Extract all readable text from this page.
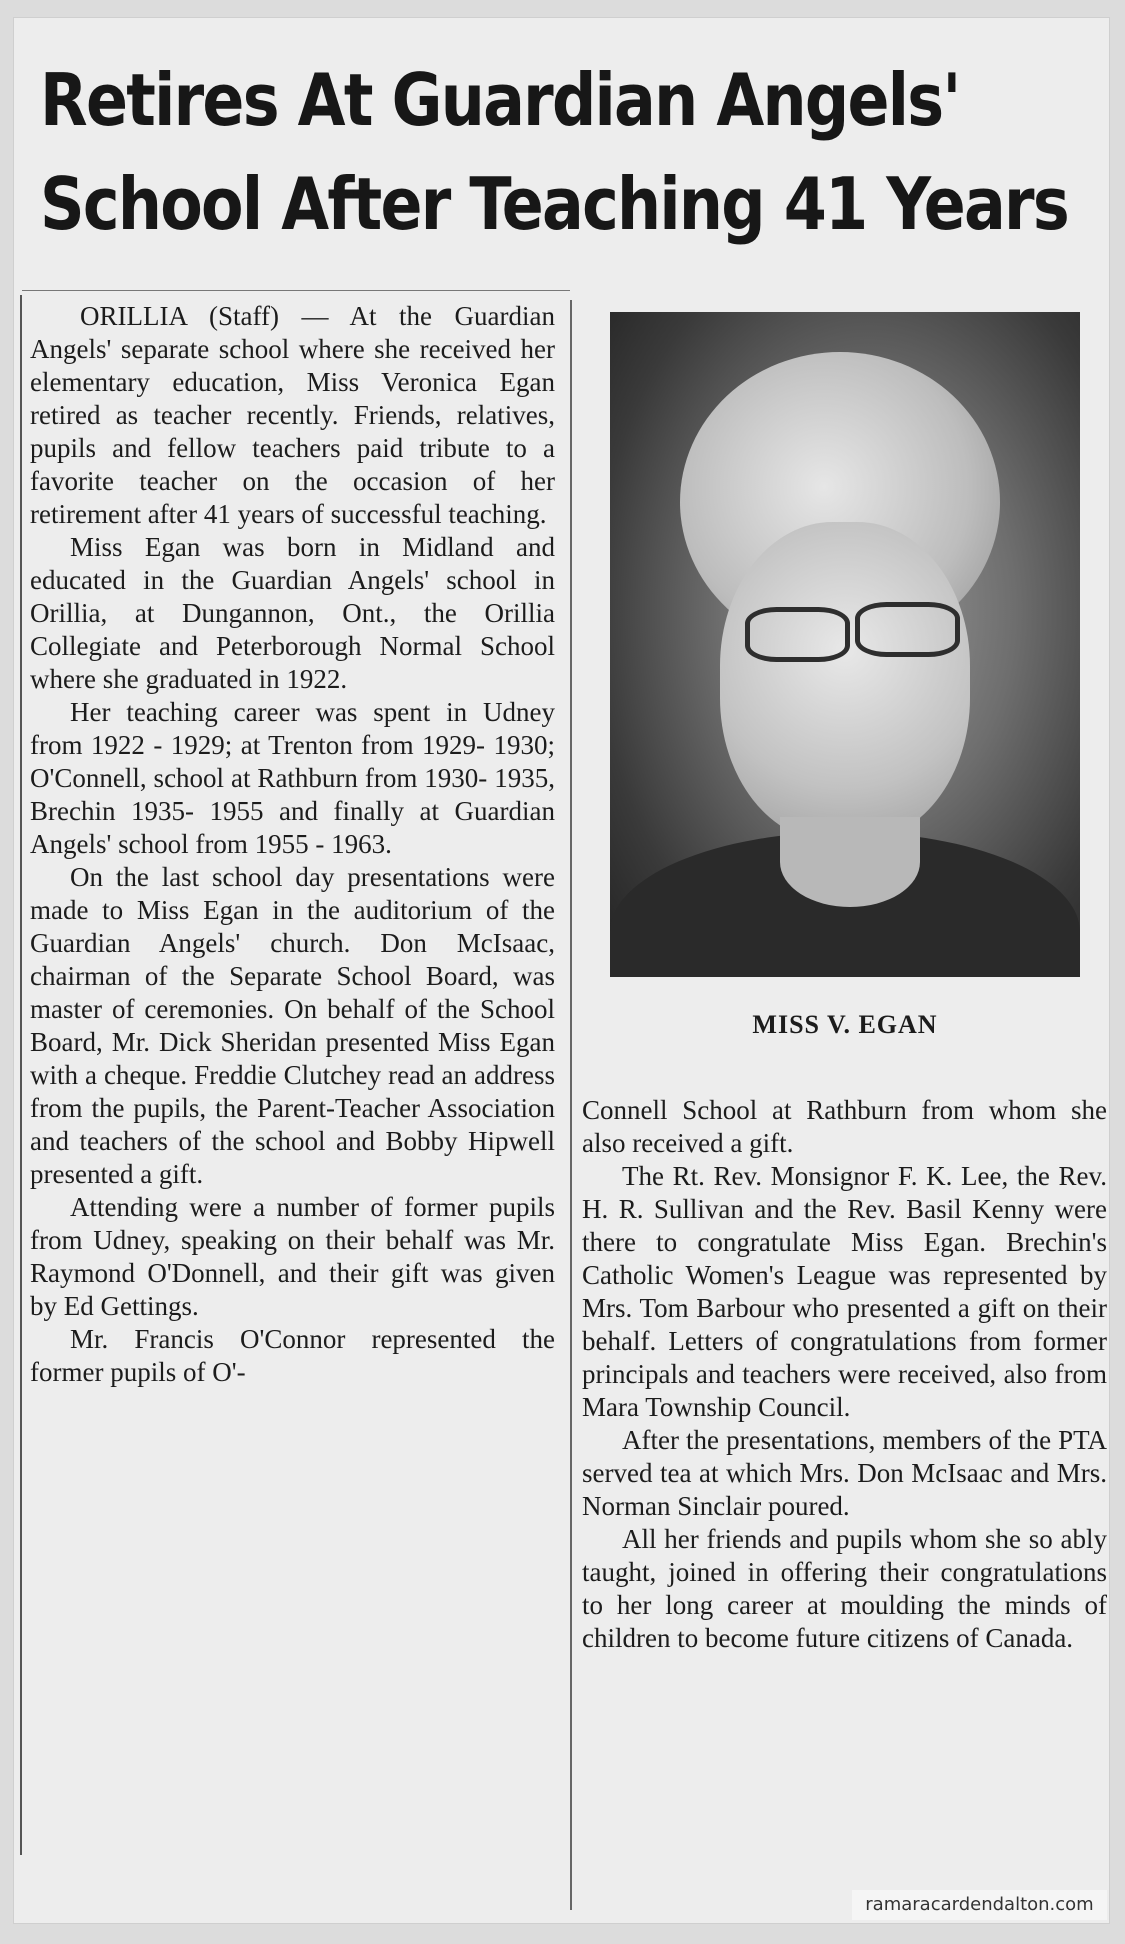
Retires At Guardian Angels'
School After Teaching 41 Years

ORILLIA (Staff) — At the Guardian Angels' separate school where she received her elementary education, Miss Veronica Egan retired as teacher recently. Friends, relatives, pupils and fellow teachers paid tribute to a favorite teacher on the occasion of her retirement after 41 years of successful teaching.

Miss Egan was born in Midland and educated in the Guardian Angels' school in Orillia, at Dungannon, Ont., the Orillia Collegiate and Peterborough Normal School where she graduated in 1922.

Her teaching career was spent in Udney from 1922 - 1929; at Trenton from 1929- 1930; O'Connell, school at Rathburn from 1930- 1935, Brechin 1935- 1955 and finally at Guardian Angels' school from 1955 - 1963.

On the last school day presentations were made to Miss Egan in the auditorium of the Guardian Angels' church. Don McIsaac, chairman of the Separate School Board, was master of ceremonies. On behalf of the School Board, Mr. Dick Sheridan presented Miss Egan with a cheque. Freddie Clutchey read an address from the pupils, the Parent-Teacher Association and teachers of the school and Bobby Hipwell presented a gift.

Attending were a number of former pupils from Udney, speaking on their behalf was Mr. Raymond O'Donnell, and their gift was given by Ed Gettings.

Mr. Francis O'Connor represented the former pupils of O'-

MISS V. EGAN

Connell School at Rathburn from whom she also received a gift.

The Rt. Rev. Monsignor F. K. Lee, the Rev. H. R. Sullivan and the Rev. Basil Kenny were there to congratulate Miss Egan. Brechin's Catholic Women's League was represented by Mrs. Tom Barbour who presented a gift on their behalf. Letters of congratulations from former principals and teachers were received, also from Mara Township Council.

After the presentations, members of the PTA served tea at which Mrs. Don McIsaac and Mrs. Norman Sinclair poured.

All her friends and pupils whom she so ably taught, joined in offering their congratulations to her long career at moulding the minds of children to become future citizens of Canada.

ramaracardendalton.com
